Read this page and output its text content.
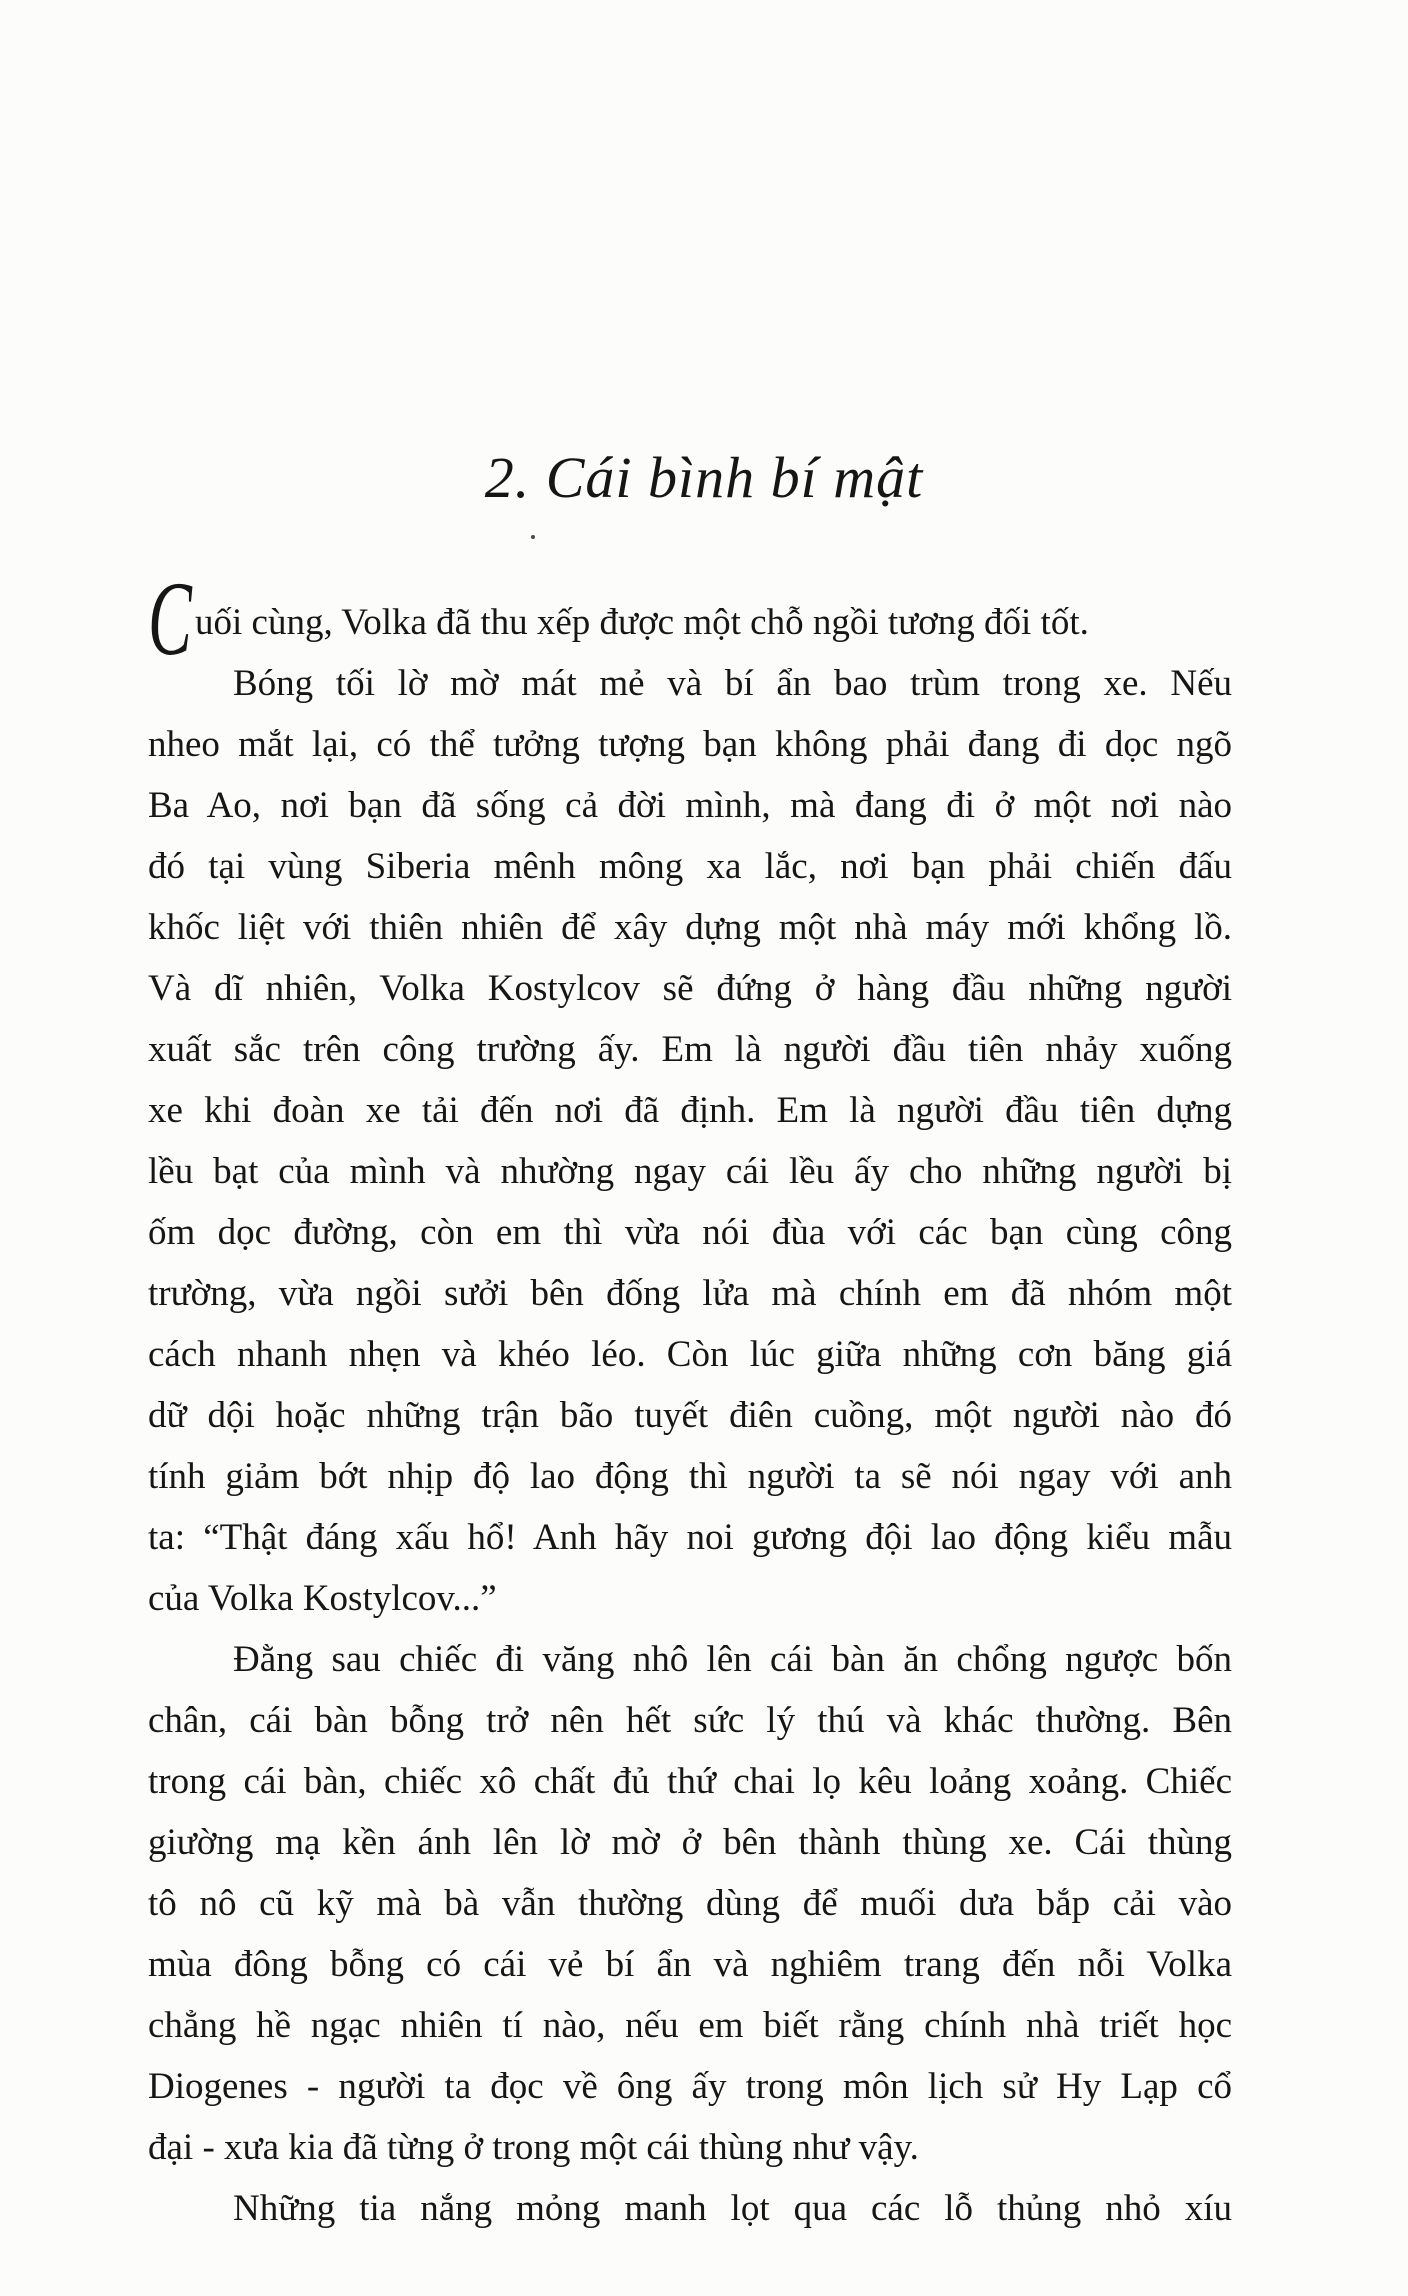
2. Cái bình bí mật
C uối cùng, Volka đã thu xếp được một chỗ ngồi tương đối tốt.
Bóng tối lờ mờ mát mẻ và bí ẩn bao trùm trong xe. Nếu
nheo mắt lại, có thể tưởng tượng bạn không phải đang đi dọc ngõ
Ba Ao, nơi bạn đã sống cả đời mình, mà đang đi ở một nơi nào
đó tại vùng Siberia mênh mông xa lắc, nơi bạn phải chiến đấu
khốc liệt với thiên nhiên để xây dựng một nhà máy mới khổng lồ.
Và dĩ nhiên, Volka Kostylcov sẽ đứng ở hàng đầu những người
xuất sắc trên công trường ấy. Em là người đầu tiên nhảy xuống
xe khi đoàn xe tải đến nơi đã định. Em là người đầu tiên dựng
lều bạt của mình và nhường ngay cái lều ấy cho những người bị
ốm dọc đường, còn em thì vừa nói đùa với các bạn cùng công
trường, vừa ngồi sưởi bên đống lửa mà chính em đã nhóm một
cách nhanh nhẹn và khéo léo. Còn lúc giữa những cơn băng giá
dữ dội hoặc những trận bão tuyết điên cuồng, một người nào đó
tính giảm bớt nhịp độ lao động thì người ta sẽ nói ngay với anh
ta: “Thật đáng xấu hổ! Anh hãy noi gương đội lao động kiểu mẫu
của Volka Kostylcov...”
Đằng sau chiếc đi văng nhô lên cái bàn ăn chổng ngược bốn
chân, cái bàn bỗng trở nên hết sức lý thú và khác thường. Bên
trong cái bàn, chiếc xô chất đủ thứ chai lọ kêu loảng xoảng. Chiếc
giường mạ kền ánh lên lờ mờ ở bên thành thùng xe. Cái thùng
tô nô cũ kỹ mà bà vẫn thường dùng để muối dưa bắp cải vào
mùa đông bỗng có cái vẻ bí ẩn và nghiêm trang đến nỗi Volka
chẳng hề ngạc nhiên tí nào, nếu em biết rằng chính nhà triết học
Diogenes - người ta đọc về ông ấy trong môn lịch sử Hy Lạp cổ
đại - xưa kia đã từng ở trong một cái thùng như vậy.
Những tia nắng mỏng manh lọt qua các lỗ thủng nhỏ xíu
